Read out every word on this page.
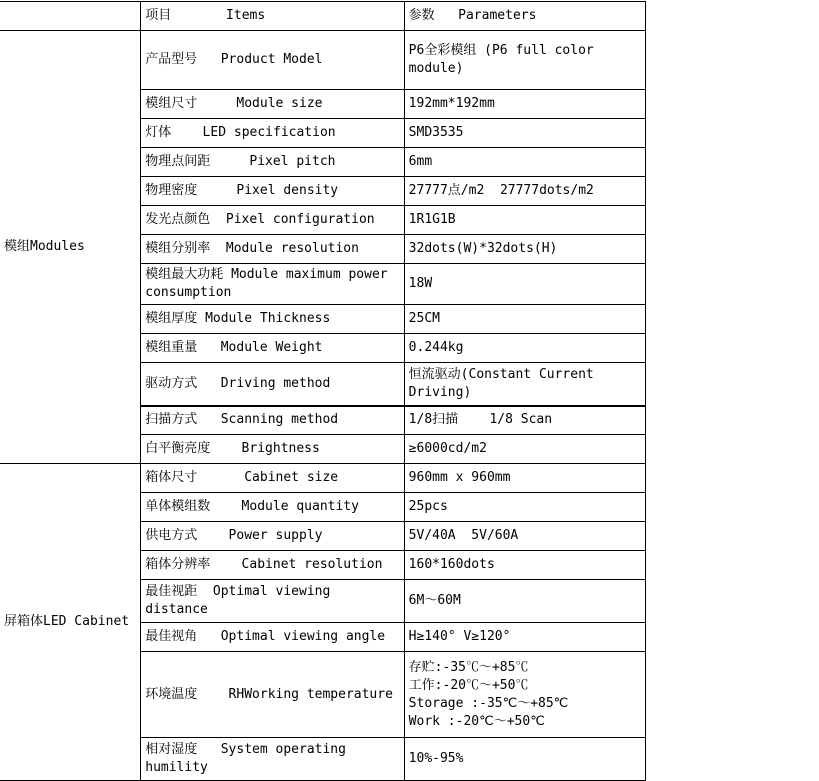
	项目       Items	参数   Parameters
模组Modules	产品型号   Product Model	P6全彩模组 (P6 full color module)
	模组尺寸     Module size	192mm*192mm
	灯体    LED specification	SMD3535
	物理点间距     Pixel pitch	6mm
	物理密度     Pixel density	27777点/m2  27777dots/m2
	发光点颜色  Pixel configuration	1R1G1B
	模组分别率  Module resolution	32dots(W)*32dots(H)
	模组最大功耗 Module maximum power consumption	18W
	模组厚度 Module Thickness	25CM
	模组重量   Module Weight	0.244kg
	驱动方式   Driving method	恒流驱动(Constant Current Driving)
	扫描方式   Scanning method	1/8扫描    1/8 Scan
	白平衡亮度    Brightness	≥6000cd/m2
屏箱体LED Cabinet	箱体尺寸      Cabinet size	960mm x 960mm
	单体模组数    Module quantity	25pcs
	供电方式    Power supply	5V/40A  5V/60A
	箱体分辨率    Cabinet resolution	160*160dots
	最佳视距  Optimal viewing distance	6M～60M
	最佳视角   Optimal viewing angle	H≥140° V≥120°
	环境温度    RHWorking temperature	存贮:-35℃～+85℃
工作:-20℃～+50℃
Storage :-35℃～+85℃
Work :-20℃～+50℃
	相对湿度   System operating humility	10%-95%
